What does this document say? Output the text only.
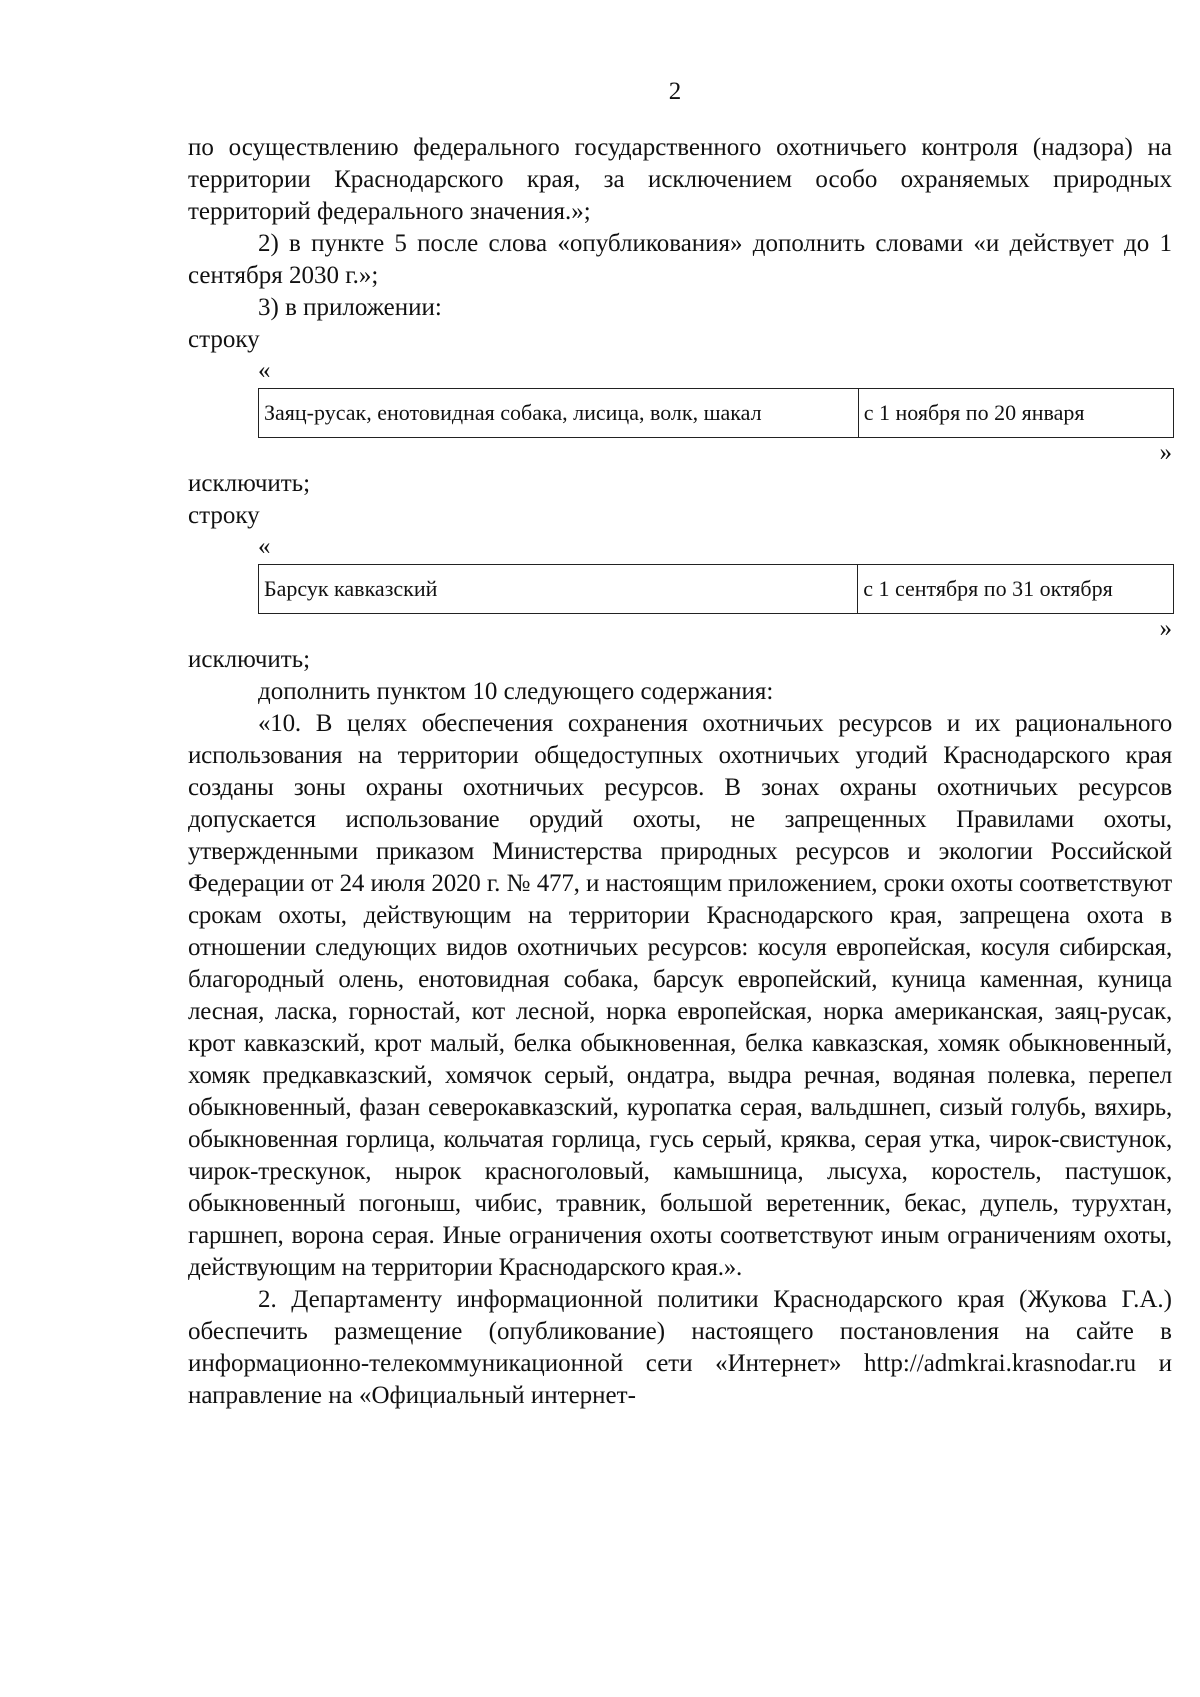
2

по осуществлению федерального государственного охотничьего контроля (надзора) на территории Краснодарского края, за исключением особо охраняемых природных территорий федерального значения.»;

2) в пункте 5 после слова «опубликования» дополнить словами «и действует до 1 сентября 2030 г.»;

3) в приложении:

строку

«
Заяц-русак, енотовидная собака, лисица, волк, шакал	с 1 ноября по 20 января
»

исключить;

строку

«
Барсук кавказский	с 1 сентября по 31 октября
»

исключить;

дополнить пунктом 10 следующего содержания:

«10. В целях обеспечения сохранения охотничьих ресурсов и их рационального использования на территории общедоступных охотничьих угодий Краснодарского края созданы зоны охраны охотничьих ресурсов. В зонах охраны охотничьих ресурсов допускается использование орудий охоты, не запрещенных Правилами охоты, утвержденными приказом Министерства природных ресурсов и экологии Российской Федерации от 24 июля 2020 г. № 477, и настоящим приложением, сроки охоты соответствуют срокам охоты, действующим на территории Краснодарского края, запрещена охота в отношении следующих видов охотничьих ресурсов: косуля европейская, косуля сибирская, благородный олень, енотовидная собака, барсук европейский, куница каменная, куница лесная, ласка, горностай, кот лесной, норка европейская, норка американская, заяц-русак, крот кавказский, крот малый, белка обыкновенная, белка кавказская, хомяк обыкновенный, хомяк предкавказский, хомячок серый, ондатра, выдра речная, водяная полевка, перепел обыкновенный, фазан северокавказский, куропатка серая, вальдшнеп, сизый голубь, вяхирь, обыкновенная горлица, кольчатая горлица, гусь серый, кряква, серая утка, чирок-свистунок, чирок-трескунок, нырок красноголовый, камышница, лысуха, коростель, пастушок, обыкновенный погоныш, чибис, травник, большой веретенник, бекас, дупель, турухтан, гаршнеп, ворона серая. Иные ограничения охоты соответствуют иным ограничениям охоты, действующим на территории Краснодарского края.».

2. Департаменту информационной политики Краснодарского края (Жукова Г.А.) обеспечить размещение (опубликование) настоящего постановления на сайте в информационно-телекоммуникационной сети «Интернет» http://admkrai.krasnodar.ru и направление на «Официальный интернет-
